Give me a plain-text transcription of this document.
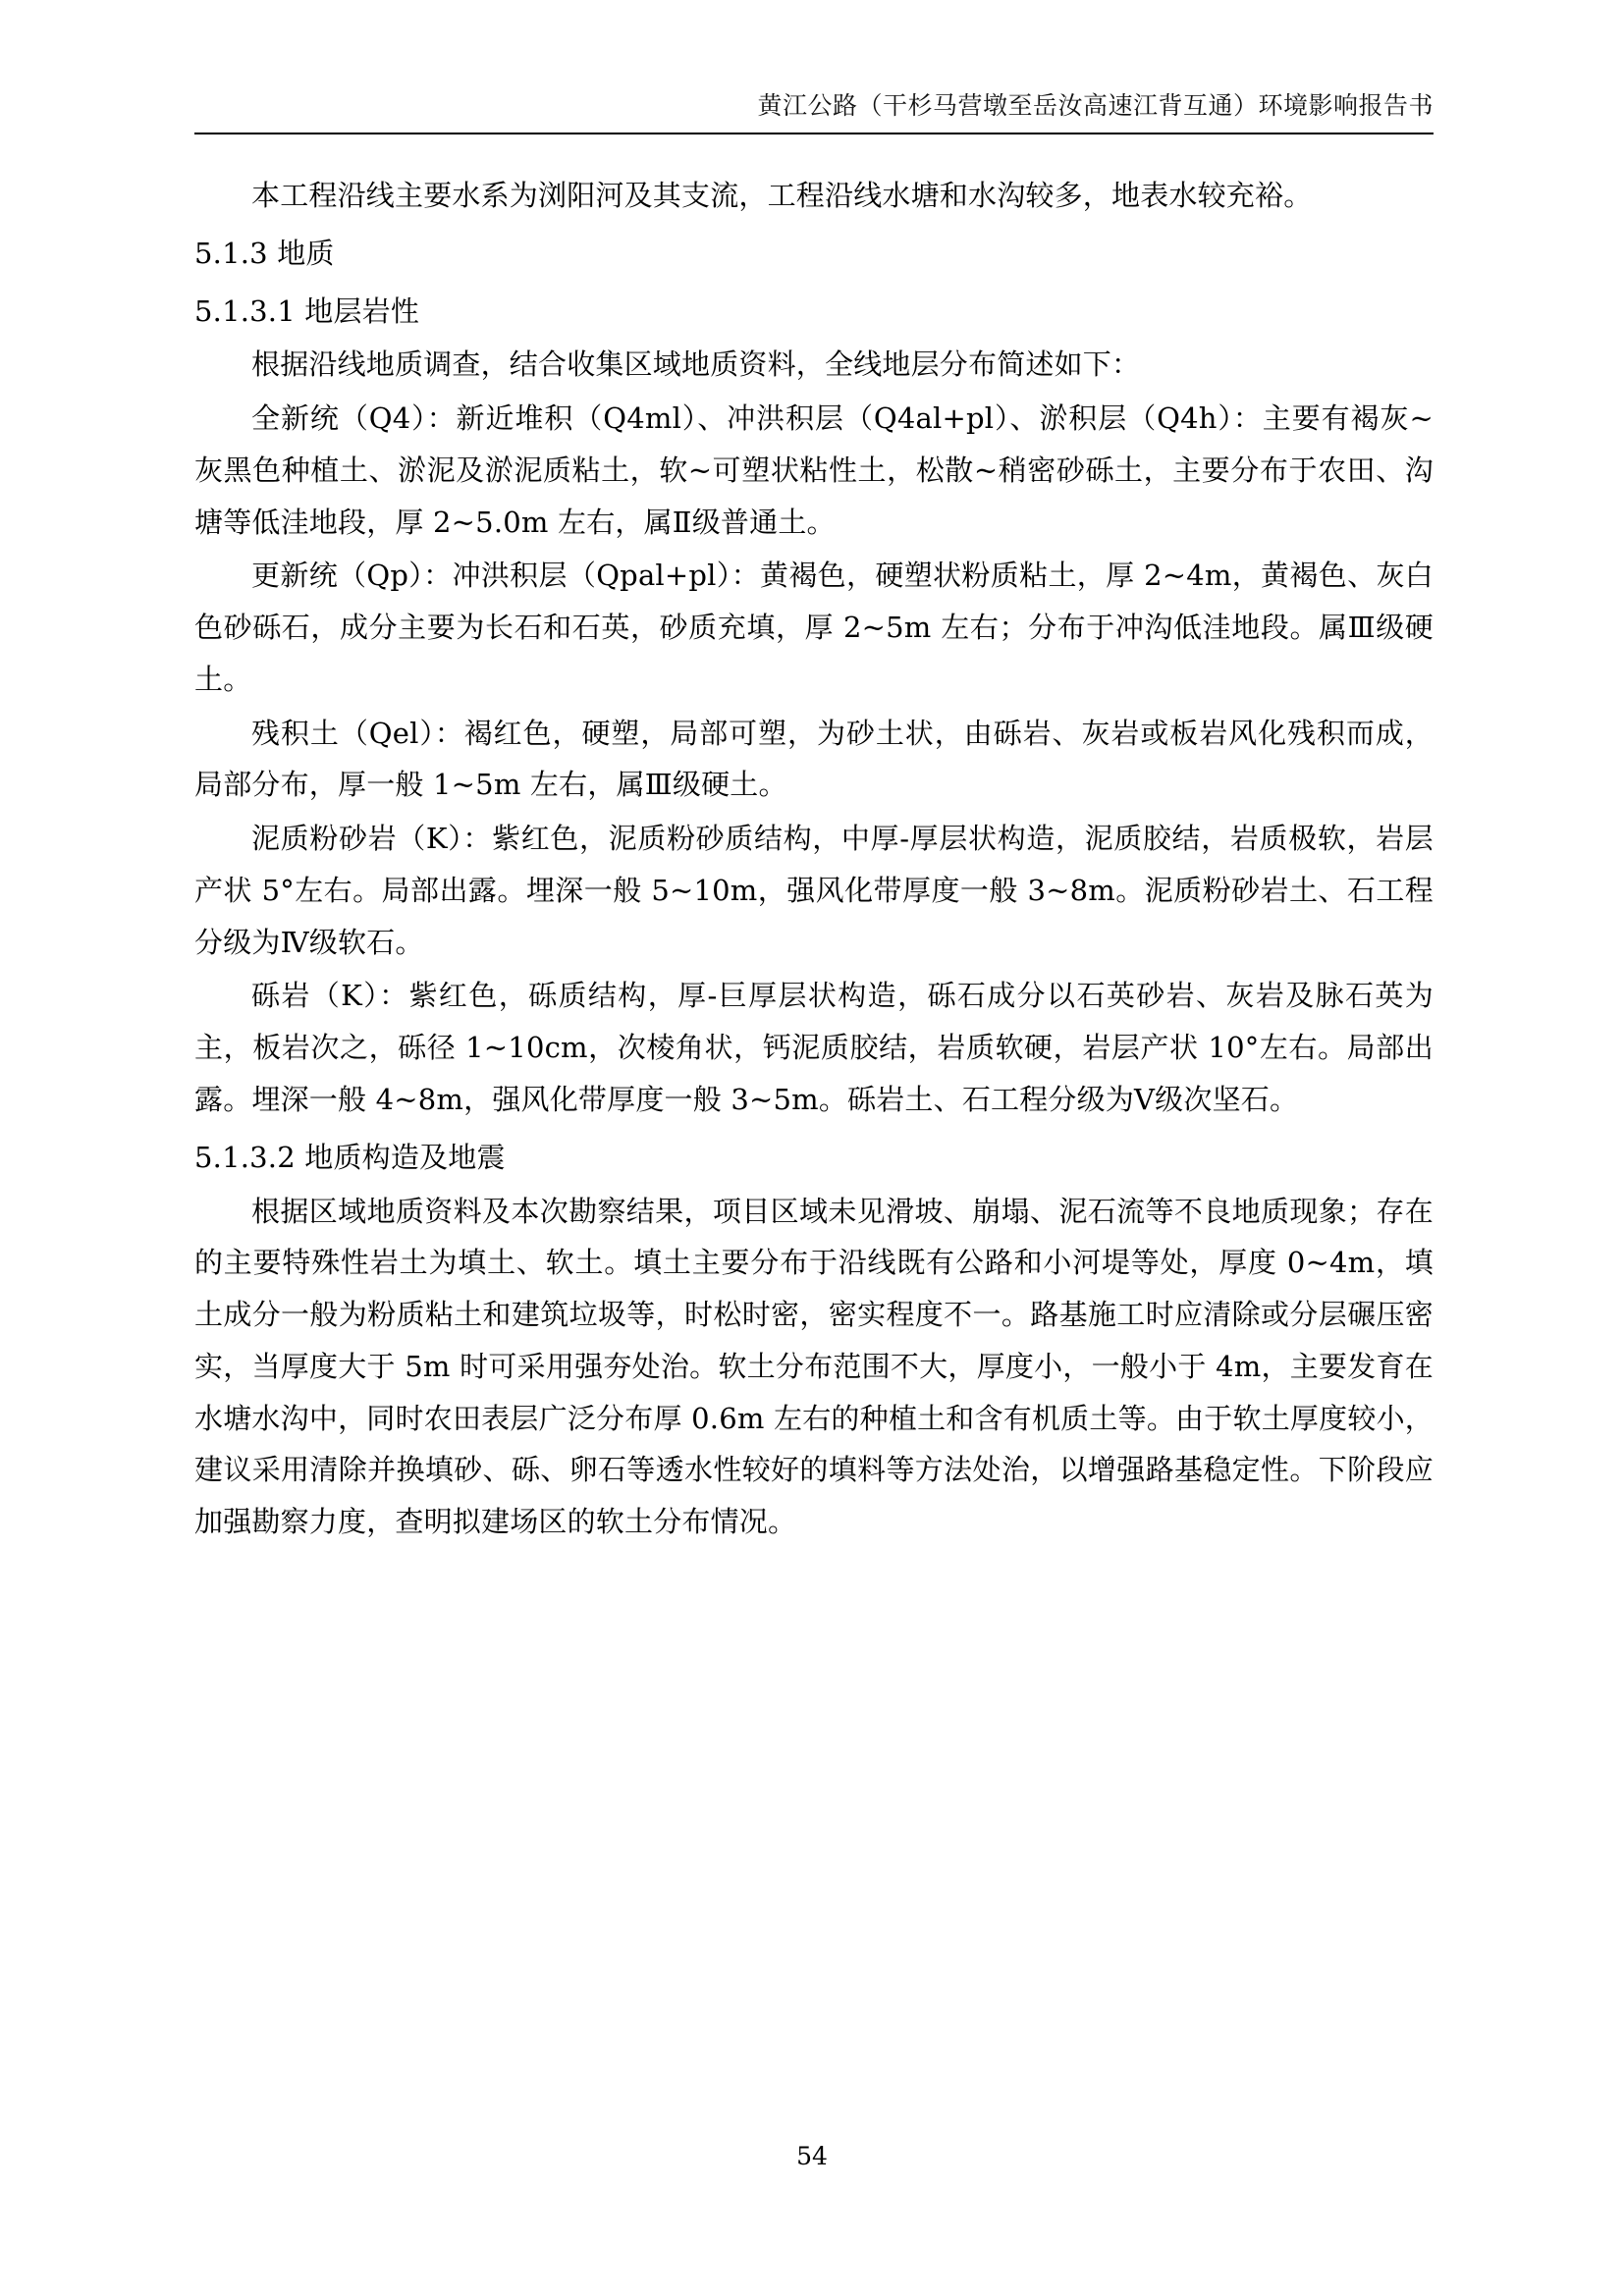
黄江公路（干杉马营墩至岳汝高速江背互通）环境影响报告书

本工程沿线主要水系为浏阳河及其支流，工程沿线水塘和水沟较多，地表水较充裕。

5.1.3 地质

5.1.3.1 地层岩性

根据沿线地质调查，结合收集区域地质资料，全线地层分布简述如下：

全新统（Q4）：新近堆积（Q4ml）、冲洪积层（Q4al+pl）、淤积层（Q4h）：主要有褐灰~灰黑色种植土、淤泥及淤泥质粘土，软~可塑状粘性土，松散~稍密砂砾土，主要分布于农田、沟塘等低洼地段，厚 2~5.0m 左右，属Ⅱ级普通土。

更新统（Qp）：冲洪积层（Qpal+pl）：黄褐色，硬塑状粉质粘土，厚 2~4m，黄褐色、灰白色砂砾石，成分主要为长石和石英，砂质充填，厚 2~5m 左右；分布于冲沟低洼地段。属Ⅲ级硬土。

残积土（Qel）：褐红色，硬塑，局部可塑，为砂土状，由砾岩、灰岩或板岩风化残积而成，局部分布，厚一般 1~5m 左右，属Ⅲ级硬土。

泥质粉砂岩（K）：紫红色，泥质粉砂质结构，中厚-厚层状构造，泥质胶结，岩质极软，岩层产状 5°左右。局部出露。埋深一般 5~10m，强风化带厚度一般 3~8m。泥质粉砂岩土、石工程分级为Ⅳ级软石。

砾岩（K）：紫红色，砾质结构，厚-巨厚层状构造，砾石成分以石英砂岩、灰岩及脉石英为主，板岩次之，砾径 1~10cm，次棱角状，钙泥质胶结，岩质软硬，岩层产状 10°左右。局部出露。埋深一般 4~8m，强风化带厚度一般 3~5m。砾岩土、石工程分级为Ⅴ级次坚石。

5.1.3.2 地质构造及地震

根据区域地质资料及本次勘察结果，项目区域未见滑坡、崩塌、泥石流等不良地质现象；存在的主要特殊性岩土为填土、软土。填土主要分布于沿线既有公路和小河堤等处，厚度 0~4m，填土成分一般为粉质粘土和建筑垃圾等，时松时密，密实程度不一。路基施工时应清除或分层碾压密实，当厚度大于 5m 时可采用强夯处治。软土分布范围不大，厚度小，一般小于 4m，主要发育在水塘水沟中，同时农田表层广泛分布厚 0.6m 左右的种植土和含有机质土等。由于软土厚度较小，建议采用清除并换填砂、砾、卵石等透水性较好的填料等方法处治，以增强路基稳定性。下阶段应加强勘察力度，查明拟建场区的软土分布情况。

54
